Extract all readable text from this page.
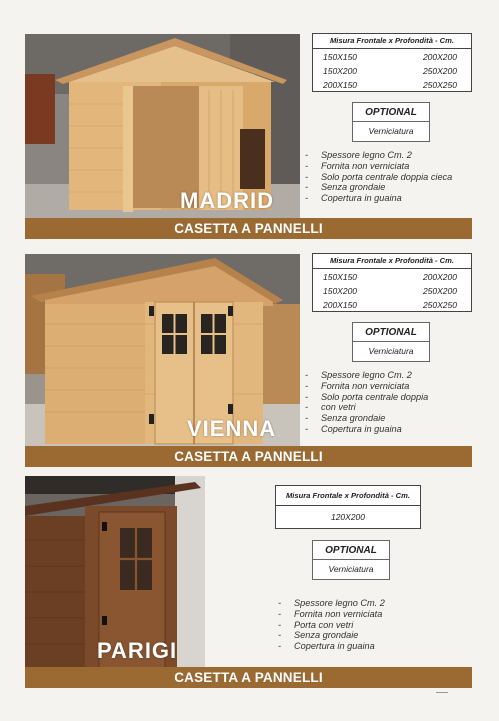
MADRID
Misura Frontale x Profondità - Cm.	
150X150	200X200
150X200	250X200
200X150	250X250
OPTIONAL
Verniciatura
- Spessore legno Cm. 2
- Fornita non verniciata
- Solo porta centrale doppia cieca
- Senza grondaie
- Copertura in guaina
CASETTA A PANNELLI
VIENNA
Misura Frontale x Profondità - Cm.	
150X150	200X200
150X200	250X200
200X150	250X250
OPTIONAL
Verniciatura
- Spessore legno Cm. 2
- Fornita non verniciata
- Solo porta centrale doppia
- con vetri
- Senza grondaie
- Copertura in guaina
CASETTA A PANNELLI
PARIGI
Misura Frontale x Profondità - Cm.
120X200
OPTIONAL
Verniciatura
- Spessore legno Cm. 2
- Fornita non verniciata
- Porta con vetri
- Senza grondaie
- Copertura in guaina
CASETTA A PANNELLI
